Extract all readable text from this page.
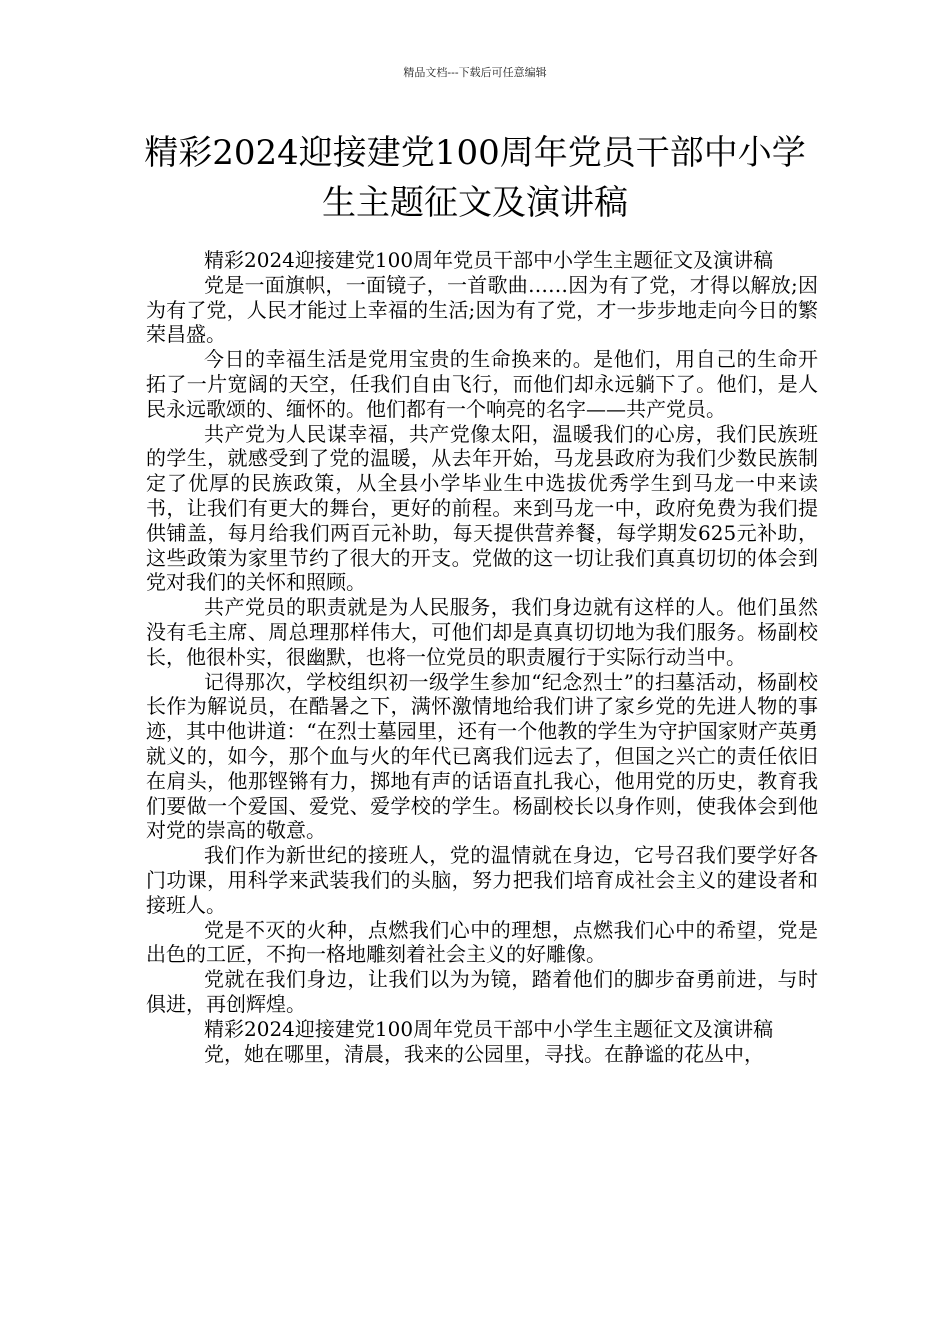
精品文档---下载后可任意编辑
精彩2024迎接建党100周年党员干部中小学生主题征文及演讲稿

精彩2024迎接建党100周年党员干部中小学生主题征文及演讲稿

党是一面旗帜，一面镜子，一首歌曲……因为有了党，才得以解放;因为有了党，人民才能过上幸福的生活;因为有了党，才一步步地走向今日的繁荣昌盛。

今日的幸福生活是党用宝贵的生命换来的。是他们，用自己的生命开拓了一片宽阔的天空，任我们自由飞行，而他们却永远躺下了。他们，是人民永远歌颂的、缅怀的。他们都有一个响亮的名字——共产党员。

共产党为人民谋幸福，共产党像太阳，温暖我们的心房，我们民族班的学生，就感受到了党的温暖，从去年开始，马龙县政府为我们少数民族制定了优厚的民族政策，从全县小学毕业生中选拔优秀学生到马龙一中来读书，让我们有更大的舞台，更好的前程。来到马龙一中，政府免费为我们提供铺盖，每月给我们两百元补助，每天提供营养餐，每学期发625元补助，这些政策为家里节约了很大的开支。党做的这一切让我们真真切切的体会到党对我们的关怀和照顾。

共产党员的职责就是为人民服务，我们身边就有这样的人。他们虽然没有毛主席、周总理那样伟大，可他们却是真真切切地为我们服务。杨副校长，他很朴实，很幽默，也将一位党员的职责履行于实际行动当中。

记得那次，学校组织初一级学生参加“纪念烈士”的扫墓活动，杨副校长作为解说员，在酷暑之下，满怀激情地给我们讲了家乡党的先进人物的事迹，其中他讲道：“在烈士墓园里，还有一个他教的学生为守护国家财产英勇就义的，如今，那个血与火的年代已离我们远去了，但国之兴亡的责任依旧在肩头，他那铿锵有力，掷地有声的话语直扎我心，他用党的历史，教育我们要做一个爱国、爱党、爱学校的学生。杨副校长以身作则，使我体会到他对党的崇高的敬意。

我们作为新世纪的接班人，党的温情就在身边，它号召我们要学好各门功课，用科学来武装我们的头脑，努力把我们培育成社会主义的建设者和接班人。

党是不灭的火种，点燃我们心中的理想，点燃我们心中的希望，党是出色的工匠，不拘一格地雕刻着社会主义的好雕像。

党就在我们身边，让我们以为为镜，踏着他们的脚步奋勇前进，与时俱进，再创辉煌。

精彩2024迎接建党100周年党员干部中小学生主题征文及演讲稿

党，她在哪里，清晨，我来的公园里，寻找。在静谧的花丛中，
